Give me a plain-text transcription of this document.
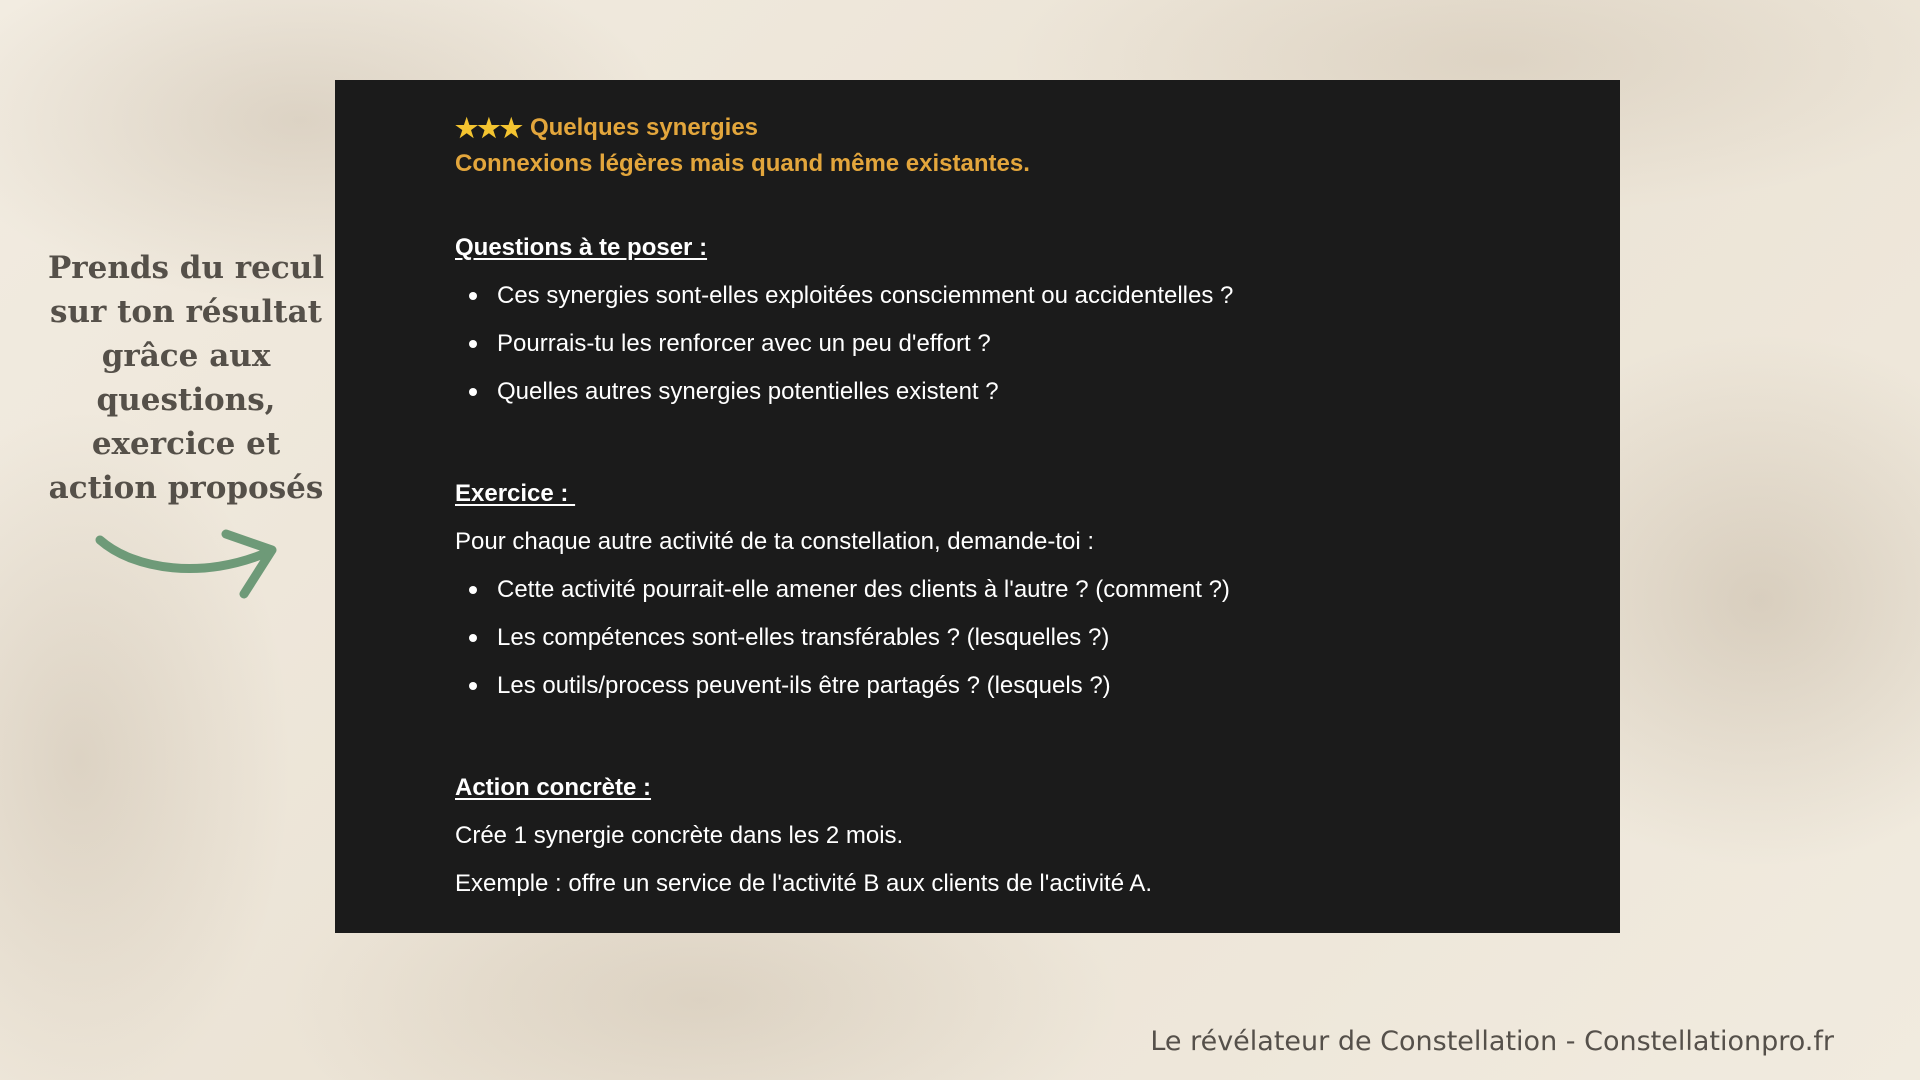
Prends du recul sur ton résultat grâce aux questions, exercice et action proposés
★★★ Quelques synergies
Connexions légères mais quand même existantes.
Questions à te poser :
Ces synergies sont-elles exploitées consciemment ou accidentelles ?
Pourrais-tu les renforcer avec un peu d'effort ?
Quelles autres synergies potentielles existent ?
Exercice :
Pour chaque autre activité de ta constellation, demande-toi :
Cette activité pourrait-elle amener des clients à l'autre ? (comment ?)
Les compétences sont-elles transférables ? (lesquelles ?)
Les outils/process peuvent-ils être partagés ? (lesquels ?)
Action concrète :
Crée 1 synergie concrète dans les 2 mois.
Exemple : offre un service de l'activité B aux clients de l'activité A.
Le révélateur de Constellation - Constellationpro.fr
